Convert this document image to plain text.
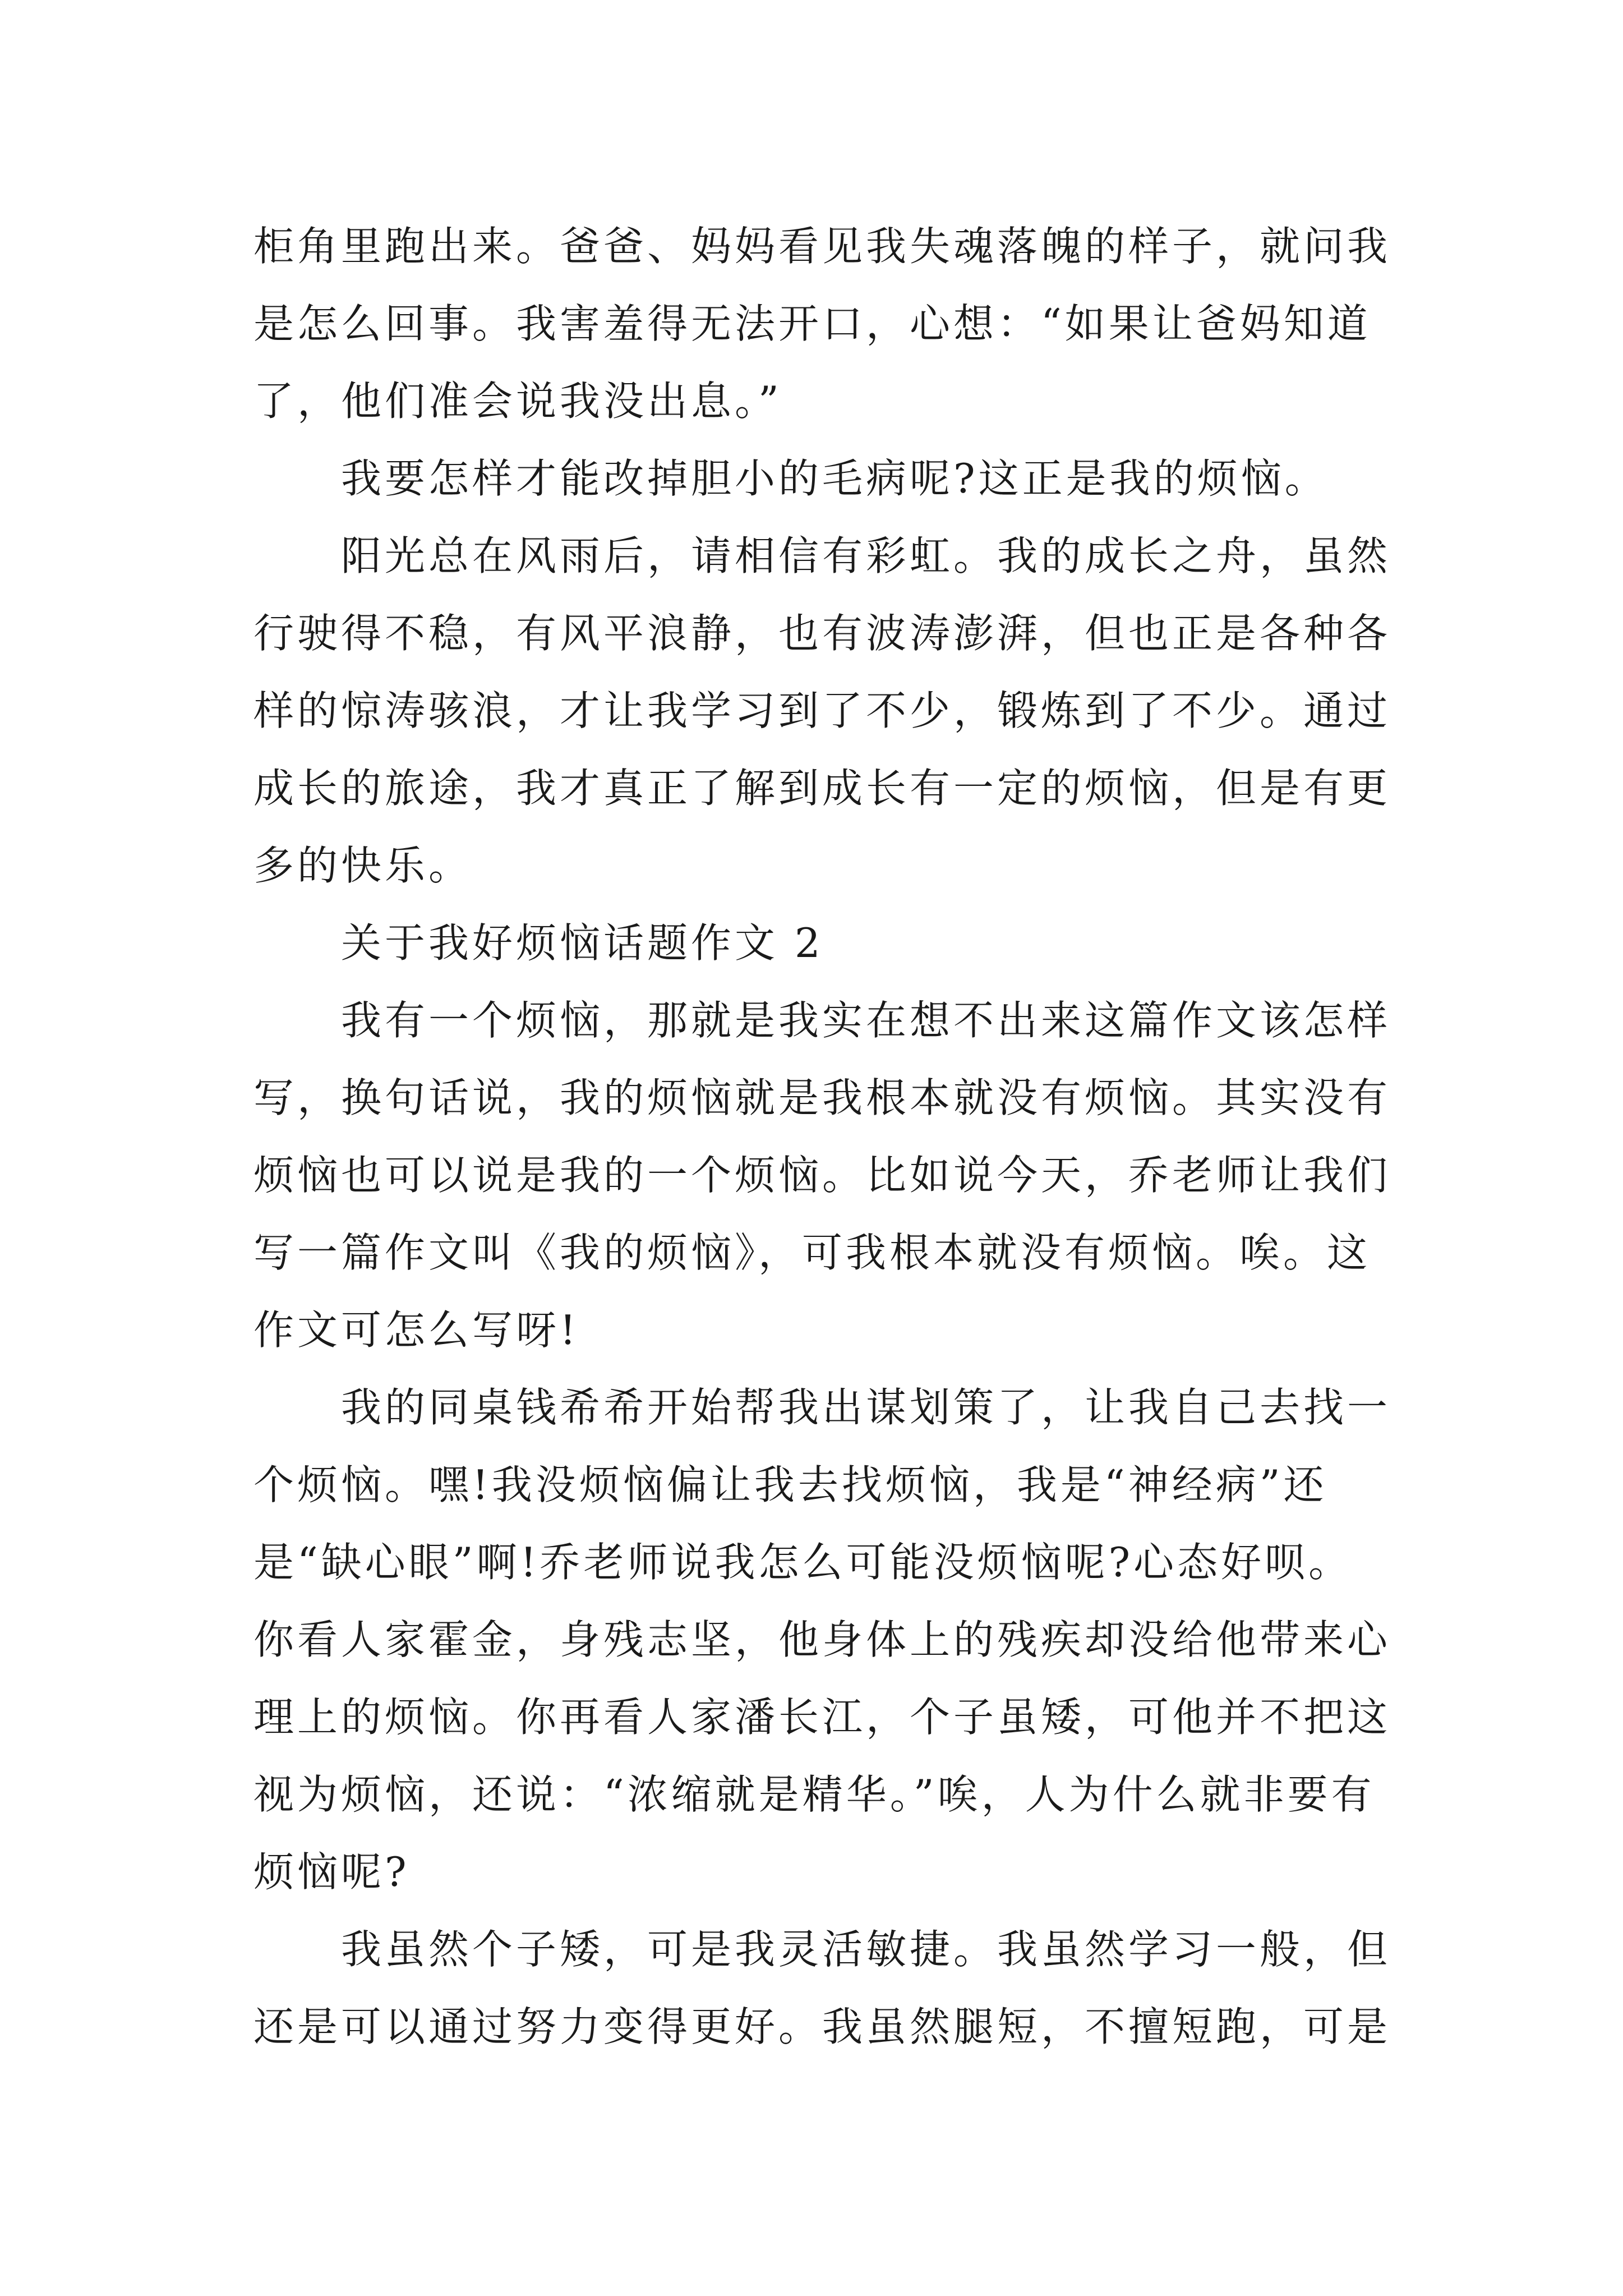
柜角里跑出来。爸爸、妈妈看见我失魂落魄的样子，就问我
是怎么回事。我害羞得无法开口，心想：“如果让爸妈知道
了，他们准会说我没出息。”
　　我要怎样才能改掉胆小的毛病呢?这正是我的烦恼。
　　阳光总在风雨后，请相信有彩虹。我的成长之舟，虽然
行驶得不稳，有风平浪静，也有波涛澎湃，但也正是各种各
样的惊涛骇浪，才让我学习到了不少，锻炼到了不少。通过
成长的旅途，我才真正了解到成长有一定的烦恼，但是有更
多的快乐。
　　关于我好烦恼话题作文 2
　　我有一个烦恼，那就是我实在想不出来这篇作文该怎样
写，换句话说，我的烦恼就是我根本就没有烦恼。其实没有
烦恼也可以说是我的一个烦恼。比如说今天，乔老师让我们
写一篇作文叫《我的烦恼》，可我根本就没有烦恼。唉。这
作文可怎么写呀!
　　我的同桌钱希希开始帮我出谋划策了，让我自己去找一
个烦恼。嘿!我没烦恼偏让我去找烦恼，我是“神经病”还
是“缺心眼”啊!乔老师说我怎么可能没烦恼呢?心态好呗。
你看人家霍金，身残志坚，他身体上的残疾却没给他带来心
理上的烦恼。你再看人家潘长江，个子虽矮，可他并不把这
视为烦恼，还说：“浓缩就是精华。”唉，人为什么就非要有
烦恼呢?
　　我虽然个子矮，可是我灵活敏捷。我虽然学习一般，但
还是可以通过努力变得更好。我虽然腿短，不擅短跑，可是
